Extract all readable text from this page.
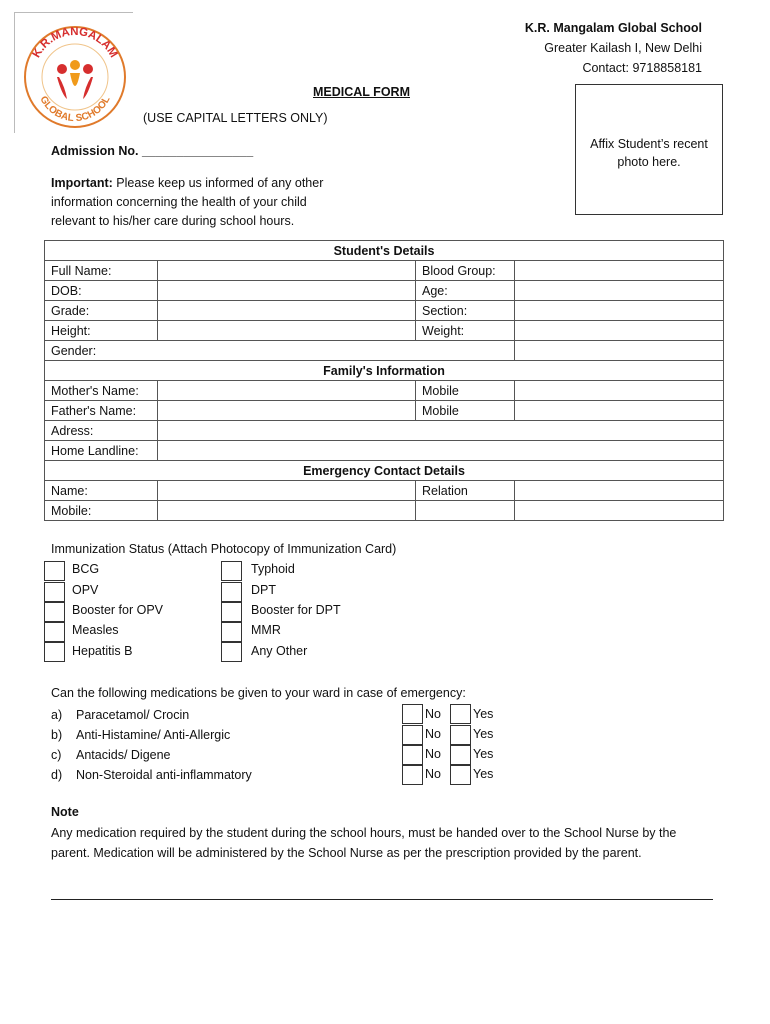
K.R.MANGALAM
GLOBAL SCHOOL
K.R. Mangalam Global School
Greater Kailash I, New Delhi
Contact: 9718858181
MEDICAL FORM
(USE CAPITAL LETTERS ONLY)
Affix Student’s recent
photo here.
Admission No. ________________
Important: Please keep us informed of any other information concerning the health of your child relevant to his/her care during school hours.
Student's Details			
Full Name:		Blood Group:	
DOB:		Age:	
Grade:		Section:	
Height:		Weight:	
Gender:			
Family's Information			
Mother's Name:		Mobile	
Father's Name:		Mobile	
Adress:			
Home Landline:			
Emergency Contact Details			
Name:		Relation	
Mobile:			
Immunization Status (Attach Photocopy of Immunization Card)
BCG
OPV
Booster for OPV
Measles
Hepatitis B
Typhoid
DPT
Booster for DPT
MMR
Any Other
Can the following medications be given to your ward in case of emergency:
a) Paracetamol/ Crocin
b) Anti-Histamine/ Anti-Allergic
c) Antacids/ Digene
d) Non-Steroidal anti-inflammatory
No	Yes
No	Yes
No	Yes
No	Yes
Note
Any medication required by the student during the school hours, must be handed over to the School Nurse by the parent. Medication will be administered by the School Nurse as per the prescription provided by the parent.
